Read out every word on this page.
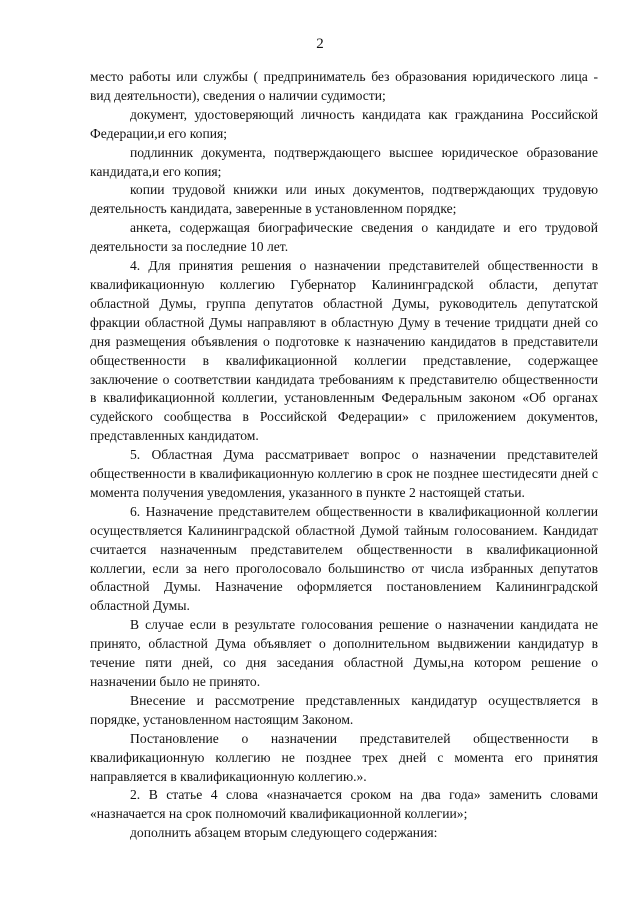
2

место работы или службы ( предприниматель без образования юридического лица - вид деятельности), сведения о наличии судимости;

документ, удостоверяющий личность кандидата как гражданина Российской Федерации,и его копия;

подлинник документа, подтверждающего высшее юридическое образование кандидата,и его копия;

копии трудовой книжки или иных документов, подтверждающих трудовую деятельность кандидата, заверенные в установленном порядке;

анкета, содержащая биографические сведения о кандидате и его трудовой деятельности за последние 10 лет.

4. Для принятия решения о назначении представителей общественности в квалификационную коллегию Губернатор Калининградской области, депутат областной Думы, группа депутатов областной Думы, руководитель депутатской фракции областной Думы направляют в областную Думу в течение тридцати дней со дня размещения объявления о подготовке к назначению кандидатов в представители общественности в квалификационной коллегии представление, содержащее заключение о соответствии кандидата требованиям к представителю общественности в квалификационной коллегии, установленным Федеральным законом «Об органах судейского сообщества в Российской Федерации» с приложением документов, представленных кандидатом.

5. Областная Дума рассматривает вопрос о назначении представителей общественности в квалификационную коллегию в срок не позднее шестидесяти дней с момента получения уведомления, указанного в пункте 2 настоящей статьи.

6. Назначение представителем общественности в квалификационной коллегии осуществляется Калининградской областной Думой тайным голосованием. Кандидат считается назначенным представителем общественности в квалификационной коллегии, если за него проголосовало большинство от числа избранных депутатов областной Думы. Назначение оформляется постановлением Калининградской областной Думы.

В случае если в результате голосования решение о назначении кандидата не принято, областной Дума объявляет о дополнительном выдвижении кандидатур в течение пяти дней, со дня заседания областной Думы,на котором решение о назначении было не принято.

Внесение и рассмотрение представленных кандидатур осуществляется в порядке, установленном настоящим Законом.

Постановление о назначении представителей общественности в квалификационную коллегию не позднее трех дней с момента его принятия направляется в квалификационную коллегию.».

2. В статье 4 слова «назначается сроком на два года» заменить словами «назначается на срок полномочий квалификационной коллегии»;

дополнить абзацем вторым следующего содержания:
